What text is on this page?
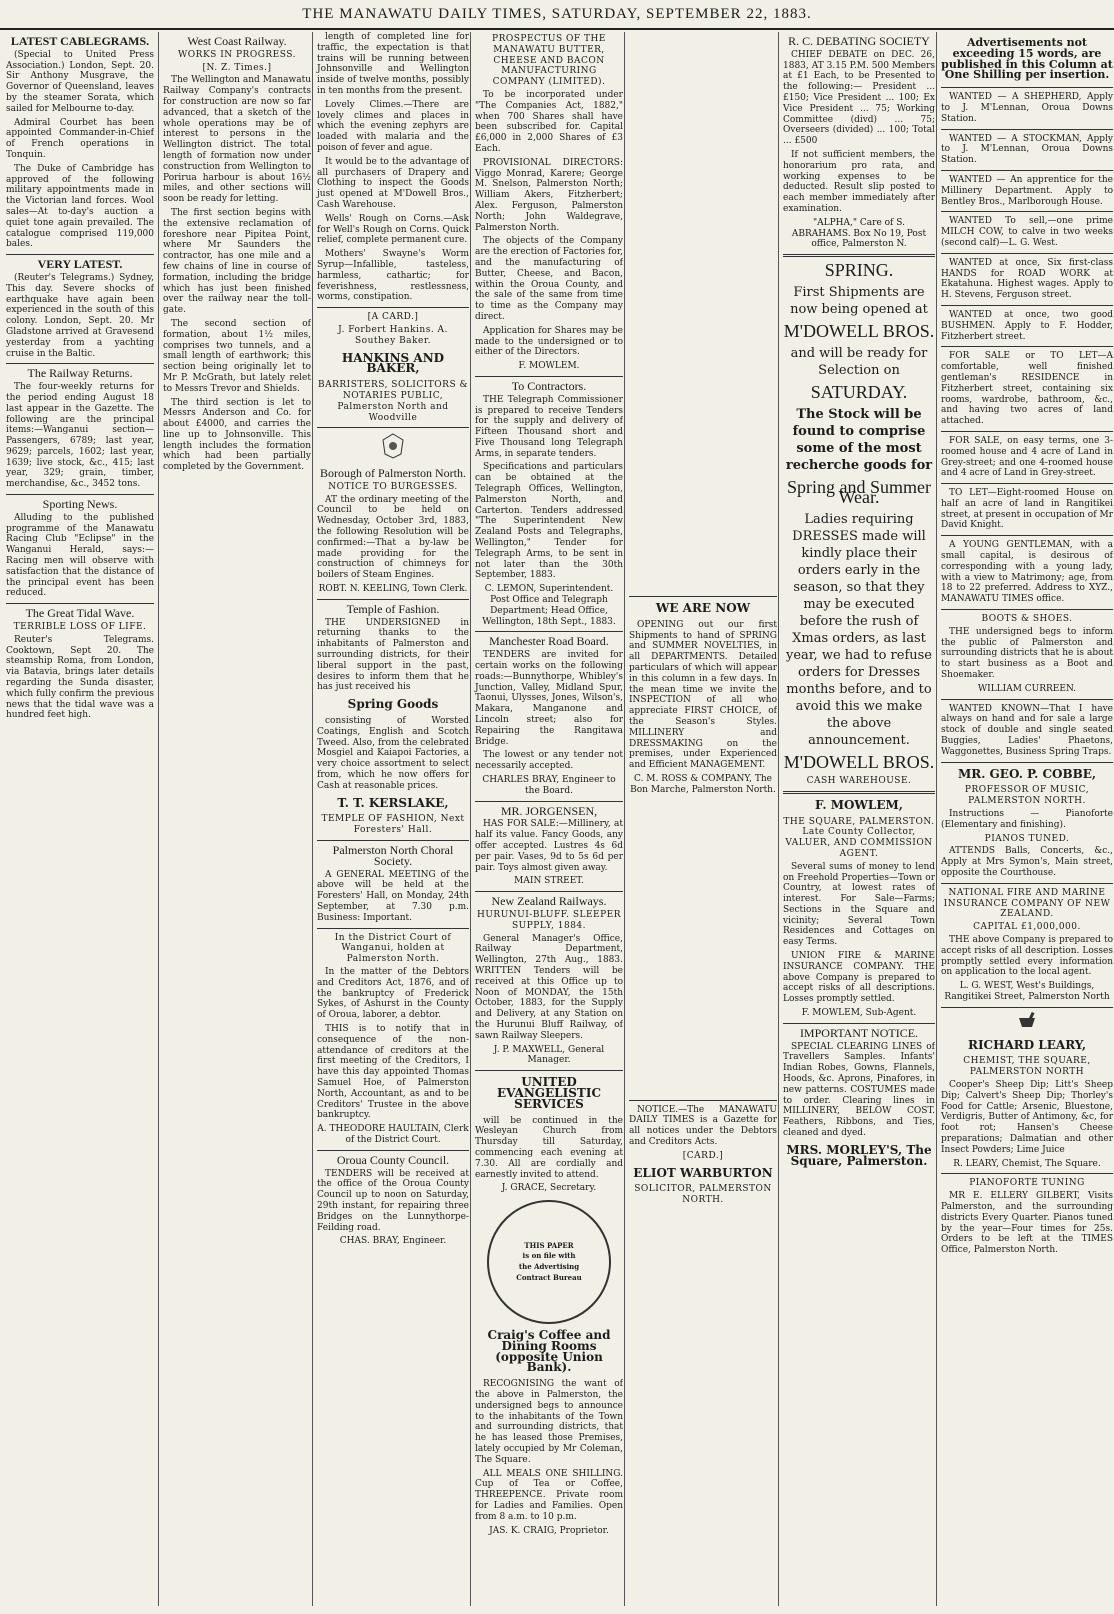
THE MANAWATU DAILY TIMES, SATURDAY, SEPTEMBER 22, 1883.
LATEST CABLEGRAMS.

(Special to United Press Association.) London, Sept. 20. Sir Anthony Musgrave, the Governor of Queensland, leaves by the steamer Sorata, which sailed for Melbourne to-day.

Admiral Courbet has been appointed Commander-in-Chief of French operations in Tonquin.

The Duke of Cambridge has approved of the following military appointments made in the Victorian land forces. Wool sales—At to-day's auction a quiet tone again prevailed. The catalogue comprised 119,000 bales.

VERY LATEST.

(Reuter's Telegrams.) Sydney, This day. Severe shocks of earthquake have again been experienced in the south of this colony. London, Sept. 20. Mr Gladstone arrived at Gravesend yesterday from a yachting cruise in the Baltic.

The Railway Returns.

The four-weekly returns for the period ending August 18 last appear in the Gazette. The following are the principal items:—Wanganui section—Passengers, 6789; last year, 9629; parcels, 1602; last year, 1639; live stock, &c., 415; last year, 329; grain, timber, merchandise, &c., 3452 tons.

Sporting News.

Alluding to the published programme of the Manawatu Racing Club "Eclipse" in the Wanganui Herald, says:—Racing men will observe with satisfaction that the distance of the principal event has been reduced.

The Great Tidal Wave.
TERRIBLE LOSS OF LIFE.

Reuter's Telegrams. Cooktown, Sept 20. The steamship Roma, from London, via Batavia, brings later details regarding the Sunda disaster, which fully confirm the previous news that the tidal wave was a hundred feet high.

West Coast Railway.
WORKS IN PROGRESS.
[N. Z. Times.]

The Wellington and Manawatu Railway Company's contracts for construction are now so far advanced, that a sketch of the whole operations may be of interest to persons in the Wellington district. The total length of formation now under construction from Wellington to Porirua harbour is about 16½ miles, and other sections will soon be ready for letting.

The first section begins with the extensive reclamation of foreshore near Pipitea Point, where Mr Saunders the contractor, has one mile and a few chains of line in course of formation, including the bridge which has just been finished over the railway near the toll-gate.

The second section of formation, about 1½ miles, comprises two tunnels, and a small length of earthwork; this section being originally let to Mr P. McGrath, but lately relet to Messrs Trevor and Shields.

The third section is let to Messrs Anderson and Co. for about £4000, and carries the line up to Johnsonville. This length includes the formation which had been partially completed by the Government.

length of completed line for traffic, the expectation is that trains will be running between Johnsonville and Wellington inside of twelve months, possibly in ten months from the present.

Lovely Climes.—There are lovely climes and places in which the evening zephyrs are loaded with malaria and the poison of fever and ague.

It would be to the advantage of all purchasers of Drapery and Clothing to inspect the Goods just opened at M'Dowell Bros., Cash Warehouse.

Wells' Rough on Corns.—Ask for Well's Rough on Corns. Quick relief, complete permanent cure.

Mothers' Swayne's Worm Syrup—Infallible, tasteless, harmless, cathartic; for feverishness, restlessness, worms, constipation.

[A CARD.]
J. Forbert Hankins. A. Southey Baker.
HANKINS AND BAKER,
BARRISTERS, SOLICITORS & NOTARIES PUBLIC, Palmerston North and Woodville
Borough of Palmerston North.
NOTICE TO BURGESSES.

AT the ordinary meeting of the Council to be held on Wednesday, October 3rd, 1883, the following Resolution will be confirmed:—That a by-law be made providing for the construction of chimneys for boilers of Steam Engines.

ROBT. N. KEELING, Town Clerk.
Temple of Fashion.

THE UNDERSIGNED in returning thanks to the inhabitants of Palmerston and surrounding districts, for their liberal support in the past, desires to inform them that he has just received his

Spring Goods

consisting of Worsted Coatings, English and Scotch Tweed. Also, from the celebrated Mosgiel and Kaiapoi Factories, a very choice assortment to select from, which he now offers for Cash at reasonable prices.

T. T. KERSLAKE,
TEMPLE OF FASHION, Next Foresters' Hall.
Palmerston North Choral Society.

A GENERAL MEETING of the above will be held at the Foresters' Hall, on Monday, 24th September, at 7.30 p.m. Business: Important.

In the District Court of Wanganui, holden at Palmerston North.

In the matter of the Debtors and Creditors Act, 1876, and of the bankruptcy of Frederick Sykes, of Ashurst in the County of Oroua, laborer, a debtor.

THIS is to notify that in consequence of the non-attendance of creditors at the first meeting of the Creditors, I have this day appointed Thomas Samuel Hoe, of Palmerston North, Accountant, as and to be Creditors' Trustee in the above bankruptcy.

A. THEODORE HAULTAIN, Clerk of the District Court.
Oroua County Council.

TENDERS will be received at the office of the Oroua County Council up to noon on Saturday, 29th instant, for repairing three Bridges on the Lunnythorpe-Feilding road.

CHAS. BRAY, Engineer.
PROSPECTUS OF THE MANAWATU BUTTER, CHEESE AND BACON MANUFACTURING COMPANY (LIMITED).

To be incorporated under "The Companies Act, 1882," when 700 Shares shall have been subscribed for. Capital £6,000 in 2,000 Shares of £3 Each.

PROVISIONAL DIRECTORS: Viggo Monrad, Karere; George M. Snelson, Palmerston North; William Akers, Fitzherbert; Alex. Ferguson, Palmerston North; John Waldegrave, Palmerston North.

The objects of the Company are the erection of Factories for, and the manufacturing of Butter, Cheese, and Bacon, within the Oroua County, and the sale of the same from time to time as the Company may direct.

Application for Shares may be made to the undersigned or to either of the Directors.

F. MOWLEM.
To Contractors.

THE Telegraph Commissioner is prepared to receive Tenders for the supply and delivery of Fifteen Thousand short and Five Thousand long Telegraph Arms, in separate tenders.

Specifications and particulars can be obtained at the Telegraph Offices, Wellington, Palmerston North, and Carterton. Tenders addressed "The Superintendent New Zealand Posts and Telegraphs, Wellington," Tender for Telegraph Arms, to be sent in not later than the 30th September, 1883.

C. LEMON, Superintendent. Post Office and Telegraph Department; Head Office, Wellington, 18th Sept., 1883.
Manchester Road Board.

TENDERS are invited for certain works on the following roads:—Bunnythorpe, Whibley's Junction, Valley, Midland Spur, Taonui, Ulysses, Jones, Wilson's, Makara, Manganone and Lincoln street; also for Repairing the Rangitawa Bridge.

The lowest or any tender not necessarily accepted.

CHARLES BRAY, Engineer to the Board.
MR. JORGENSEN,

HAS FOR SALE:—Millinery, at half its value. Fancy Goods, any offer accepted. Lustres 4s 6d per pair. Vases, 9d to 5s 6d per pair. Toys almost given away.

MAIN STREET.
New Zealand Railways.
HURUNUI-BLUFF. SLEEPER SUPPLY, 1884.

General Manager's Office, Railway Department, Wellington, 27th Aug., 1883. WRITTEN Tenders will be received at this Office up to Noon of MONDAY, the 15th October, 1883, for the Supply and Delivery, at any Station on the Hurunui Bluff Railway, of sawn Railway Sleepers.

J. P. MAXWELL, General Manager.
UNITED EVANGELISTIC SERVICES

will be continued in the Wesleyan Church from Thursday till Saturday, commencing each evening at 7.30. All are cordially and earnestly invited to attend.

J. GRACE, Secretary.
THIS PAPER
is on file with
the Advertising
Contract Bureau
Craig's Coffee and Dining Rooms (opposite Union Bank).

RECOGNISING the want of the above in Palmerston, the undersigned begs to announce to the inhabitants of the Town and surrounding districts, that he has leased those Premises, lately occupied by Mr Coleman, The Square.

ALL MEALS ONE SHILLING. Cup of Tea or Coffee, THREEPENCE. Private room for Ladies and Families. Open from 8 a.m. to 10 p.m.

JAS. K. CRAIG, Proprietor.
WE ARE NOW

OPENING out our first Shipments to hand of SPRING and SUMMER NOVELTIES, in all DEPARTMENTS. Detailed particulars of which will appear in this column in a few days. In the mean time we invite the INSPECTION of all who appreciate FIRST CHOICE, of the Season's Styles. MILLINERY and DRESSMAKING on the premises, under Experienced and Efficient MANAGEMENT.

C. M. ROSS & COMPANY, The Bon Marche, Palmerston North.

NOTICE.—The MANAWATU DAILY TIMES is a Gazette for all notices under the Debtors and Creditors Acts.

[CARD.]
ELIOT WARBURTON
SOLICITOR, PALMERSTON NORTH.
R. C. DEBATING SOCIETY

CHIEF DEBATE on DEC. 26, 1883, AT 3.15 P.M. 500 Members at £1 Each, to be Presented to the following:— President ... £150; Vice President ... 100; Ex Vice President ... 75; Working Committee (divd) ... 75; Overseers (divided) ... 100; Total ... £500

If not sufficient members, the honorarium pro rata, and working expenses to be deducted. Result slip posted to each member immediately after examination.

"ALPHA," Care of S. ABRAHAMS. Box No 19, Post office, Palmerston N.
SPRING.
First Shipments are now being opened at
M'DOWELL BROS.
and will be ready for Selection on
SATURDAY.
The Stock will be found to comprise some of the most recherche goods for
Spring and Summer Wear.
Ladies requiring DRESSES made will kindly place their orders early in the season, so that they may be executed before the rush of Xmas orders, as last year, we had to refuse orders for Dresses months before, and to avoid this we make the above announcement.
M'DOWELL BROS.
CASH WAREHOUSE.
F. MOWLEM,
THE SQUARE, PALMERSTON. Late County Collector, VALUER, AND COMMISSION AGENT.

Several sums of money to lend on Freehold Properties—Town or Country, at lowest rates of interest. For Sale—Farms; Sections in the Square and vicinity; Several Town Residences and Cottages on easy Terms.

UNION FIRE & MARINE INSURANCE COMPANY. THE above Company is prepared to accept risks of all descriptions. Losses promptly settled.

F. MOWLEM, Sub-Agent.
IMPORTANT NOTICE.

SPECIAL CLEARING LINES of Travellers Samples. Infants' Indian Robes, Gowns, Flannels, Hoods, &c. Aprons, Pinafores, in new patterns. COSTUMES made to order. Clearing lines in MILLINERY, BELOW COST. Feathers, Ribbons, and Ties, cleaned and dyed.

MRS. MORLEY'S, The Square, Palmerston.
Advertisements not exceeding 15 words, are published in this Column at One Shilling per insertion.

WANTED — A SHEPHERD, Apply to J. M'Lennan, Oroua Downs Station.

WANTED — A STOCKMAN, Apply to J. M'Lennan, Oroua Downs Station.

WANTED — An apprentice for the Millinery Department. Apply to Bentley Bros., Marlborough House.

WANTED To sell,—one prime MILCH COW, to calve in two weeks (second calf)—L. G. West.

WANTED at once, Six first-class HANDS for ROAD WORK at Ekatahuna. Highest wages. Apply to H. Stevens, Ferguson street.

WANTED at once, two good BUSHMEN. Apply to F. Hodder, Fitzherbert street.

FOR SALE or TO LET—A comfortable, well finished gentleman's RESIDENCE in Fitzherbert street, containing six rooms, wardrobe, bathroom, &c., and having two acres of land attached.

FOR SALE, on easy terms, one 3-roomed house and 4 acre of Land in Grey-street; and one 4-roomed house and 4 acre of Land in Grey-street.

TO LET—Eight-roomed House on half an acre of land in Rangitikei street, at present in occupation of Mr David Knight.

A YOUNG GENTLEMAN, with a small capital, is desirous of corresponding with a young lady, with a view to Matrimony; age, from 18 to 22 preferred. Address to XYZ., MANAWATU TIMES office.

BOOTS & SHOES.

THE undersigned begs to inform the public of Palmerston and surrounding districts that he is about to start business as a Boot and Shoemaker.

WILLIAM CURREEN.

WANTED KNOWN—That I have always on hand and for sale a large stock of double and single seated Buggies, Ladies' Phaetons, Waggonettes, Business Spring Traps.

MR. GEO. P. COBBE,
PROFESSOR OF MUSIC, PALMERSTON NORTH.

Instructions — Pianoforte (Elementary and finishing).

PIANOS TUNED.

ATTENDS Balls, Concerts, &c., Apply at Mrs Symon's, Main street, opposite the Courthouse.

NATIONAL FIRE AND MARINE INSURANCE COMPANY OF NEW ZEALAND.
CAPITAL £1,000,000.

THE above Company is prepared to accept risks of all description. Losses promptly settled every information on application to the local agent.

L. G. WEST, West's Buildings, Rangitikei Street, Palmerston North
RICHARD LEARY,
CHEMIST, THE SQUARE, PALMERSTON NORTH

Cooper's Sheep Dip; Litt's Sheep Dip; Calvert's Sheep Dip; Thorley's Food for Cattle; Arsenic, Bluestone, Verdigris, Butter of Antimony, &c, for foot rot; Hansen's Cheese preparations; Dalmatian and other Insect Powders; Lime Juice

R. LEARY, Chemist, The Square.
PIANOFORTE TUNING

MR E. ELLERY GILBERT, Visits Palmerston, and the surrounding districts Every Quarter. Pianos tuned by the year—Four times for 25s. Orders to be left at the TIMES Office, Palmerston North.
